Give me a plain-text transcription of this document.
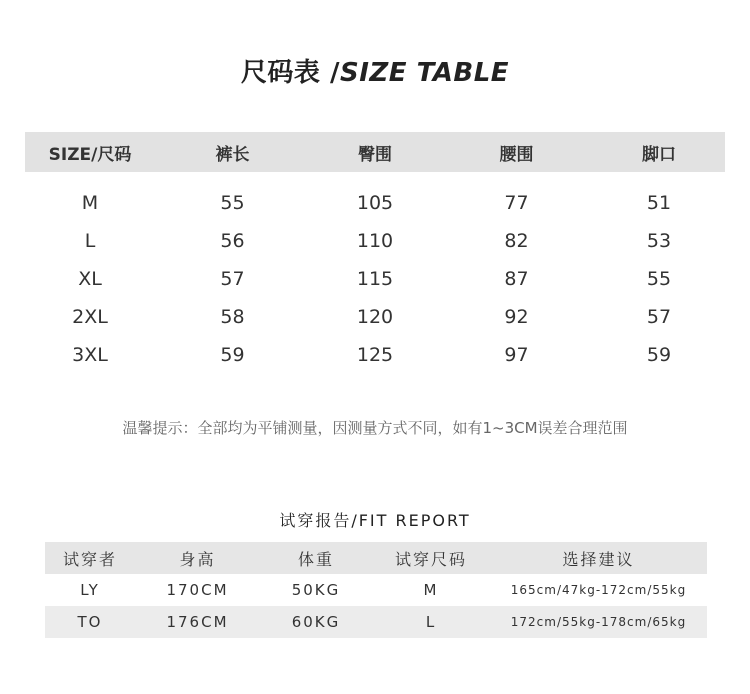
尺码表 /SIZE TABLE
SIZE/尺码	裤长	臀围	腰围	脚口
M	55	105	77	51
L	56	110	82	53
XL	57	115	87	55
2XL	58	120	92	57
3XL	59	125	97	59
温馨提示：全部均为平铺测量，因测量方式不同，如有1~3CM误差合理范围
试穿报告/FIT REPORT
试穿者	身高	体重	试穿尺码	选择建议
LY	170CM	50KG	M	165cm/47kg-172cm/55kg
TO	176CM	60KG	L	172cm/55kg-178cm/65kg
